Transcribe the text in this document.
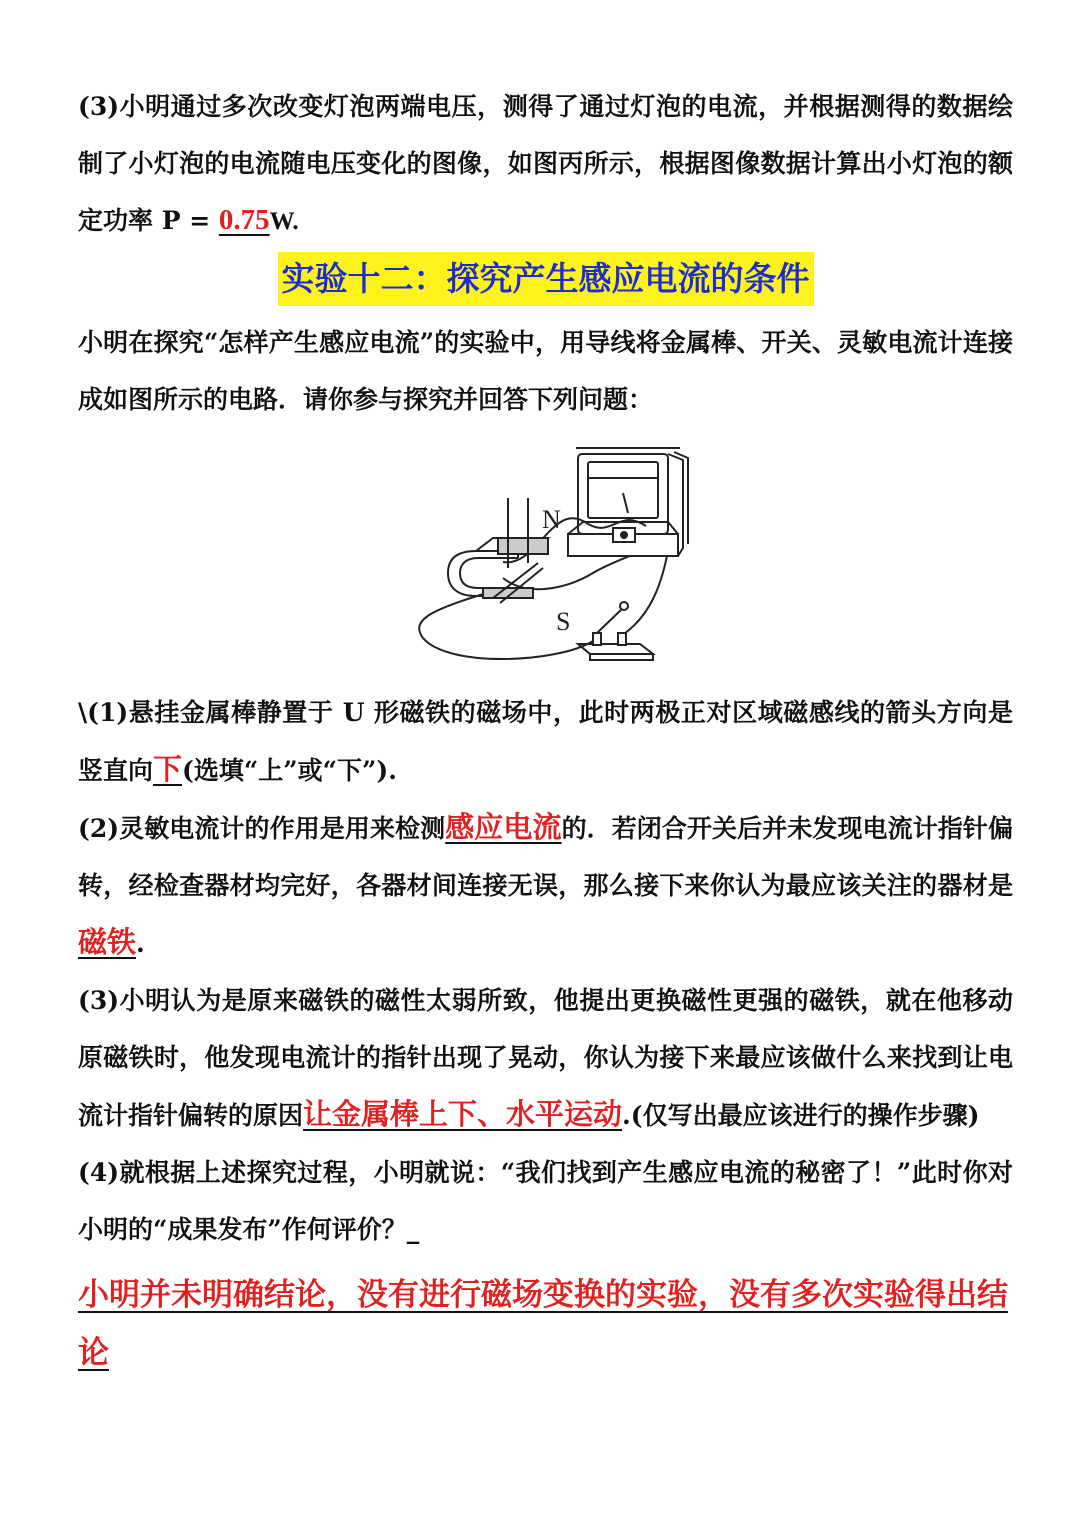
(3)小明通过多次改变灯泡两端电压，测得了通过灯泡的电流，并根据测得的数据绘制了小灯泡的电流随电压变化的图像，如图丙所示，根据图像数据计算出小灯泡的额定功率 P = 0.75W.

实验十二：探究产生感应电流的条件

小明在探究“怎样产生感应电流”的实验中，用导线将金属棒、开关、灵敏电流计连接成如图所示的电路．请你参与探究并回答下列问题：

N
S

\(1)悬挂金属棒静置于 U 形磁铁的磁场中，此时两极正对区域磁感线的箭头方向是竖直向下(选填“上”或“下”).

(2)灵敏电流计的作用是用来检测感应电流的．若闭合开关后并未发现电流计指针偏转，经检查器材均完好，各器材间连接无误，那么接下来你认为最应该关注的器材是磁铁.

(3)小明认为是原来磁铁的磁性太弱所致，他提出更换磁性更强的磁铁，就在他移动原磁铁时，他发现电流计的指针出现了晃动，你认为接下来最应该做什么来找到让电流计指针偏转的原因让金属棒上下、水平运动.(仅写出最应该进行的操作步骤)

(4)就根据上述探究过程，小明就说：“我们找到产生感应电流的秘密了！”此时你对小明的“成果发布”作何评价？_

小明并未明确结论，没有进行磁场变换的实验，没有多次实验得出结论
